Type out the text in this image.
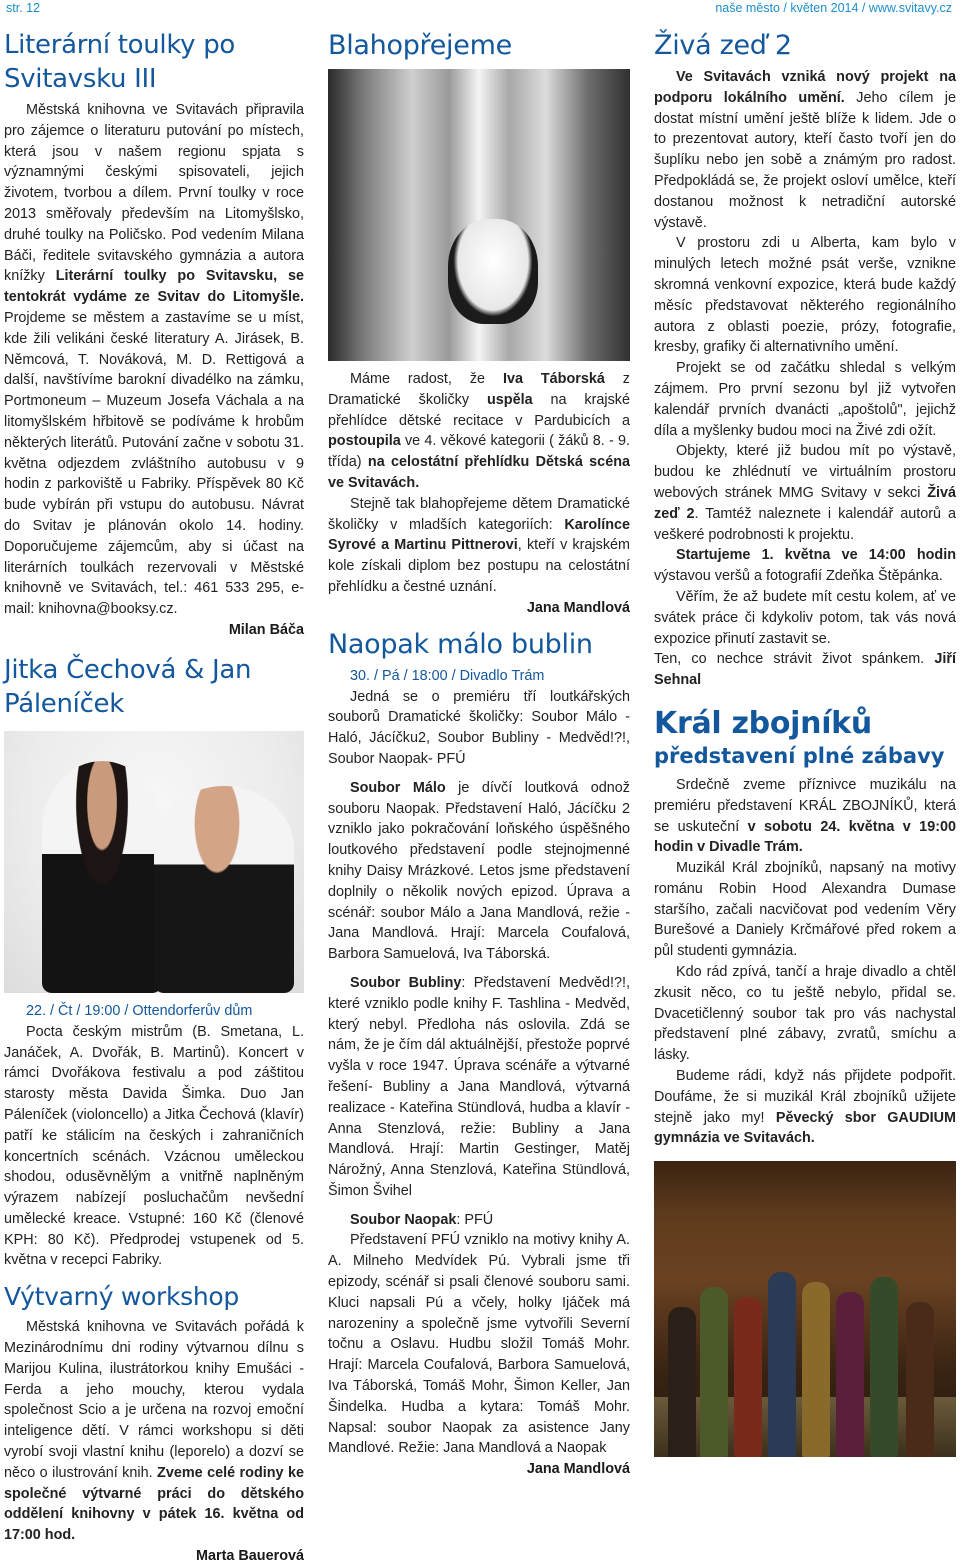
str. 12	naše město / květen 2014 / www.svitavy.cz
Literární toulky po Svitavsku III

Městská knihovna ve Svitavách připravila pro zájemce o literaturu putování po místech, která jsou v našem regionu spjata s významnými českými spisovateli, jejich životem, tvorbou a dílem. První toulky v roce 2013 směřovaly především na Litomyšlsko, druhé toulky na Poličsko. Pod vedením Milana Báči, ředitele svitavského gymnázia a autora knížky Literární toulky po Svitavsku, se tentokrát vydáme ze Svitav do Litomyšle. Projdeme se městem a zastavíme se u míst, kde žili velikáni české literatury A. Jirásek, B. Němcová, T. Nováková, M. D. Rettigová a další, navštívíme barokní divadélko na zámku, Portmoneum – Muzeum Josefa Váchala a na litomyšlském hřbitově se podíváme k hrobům některých literátů. Putování začne v sobotu 31. května odjezdem zvláštního autobusu v 9 hodin z parkoviště u Fabriky. Příspěvek 80 Kč bude vybírán při vstupu do autobusu. Návrat do Svitav je plánován okolo 14. hodiny. Doporučujeme zájemcům, aby si účast na literárních toulkách rezervovali v Městské knihovně ve Svitavách, tel.: 461 533 295, e-mail: knihovna@booksy.cz.

Milan Báča
Jitka Čechová & Jan Páleníček

22. / Čt / 19:00 / Ottendorferův dům

Pocta českým mistrům (B. Smetana, L. Janáček, A. Dvořák, B. Martinů). Koncert v rámci Dvořákova festivalu a pod záštitou starosty města Davida Šimka. Duo Jan Páleníček (violoncello) a Jitka Čechová (klavír) patří ke stálicím na českých i zahraničních koncertních scénách. Vzácnou uměleckou shodou, odusěvnělým a vnitřně naplněným výrazem nabízejí posluchačům nevšední umělecké kreace. Vstupné: 160 Kč (členové KPH: 80 Kč). Předprodej vstupenek od 5. května v recepci Fabriky.

Výtvarný workshop

Městská knihovna ve Svitavách pořádá k Mezinárodnímu dni rodiny výtvarnou dílnu s Marijou Kulina, ilustrátorkou knihy Emušáci - Ferda a jeho mouchy, kterou vydala společnost Scio a je určena na rozvoj emoční inteligence dětí. V rámci workshopu si děti vyrobí svoji vlastní knihu (leporelo) a dozví se něco o ilustrování knih. Zveme celé rodiny ke společné výtvarné práci do dětského oddělení knihovny v pátek 16. května od 17:00 hod.

Marta Bauerová
Blahopřejeme

Máme radost, že Iva Táborská z Dramatické školičky uspěla na krajské přehlídce dětské recitace v Pardubicích a postoupila ve 4. věkové kategorii ( žáků 8. - 9. třída) na celostátní přehlídku Dětská scéna ve Svitavách.

Stejně tak blahopřejeme dětem Dramatické školičky v mladších kategoriích: Karolínce Syrové a Martinu Pittnerovi, kteří v krajském kole získali diplom bez postupu na celostátní přehlídku a čestné uznání.

Jana Mandlová
Naopak málo bublin

30. / Pá / 18:00 / Divadlo Trám

Jedná se o premiéru tří loutkářských souborů Dramatické školičky: Soubor Málo - Haló, Jácíčku2, Soubor Bubliny - Medvěd!?!, Soubor Naopak- PFÚ

Soubor Málo je dívčí loutková odnož souboru Naopak. Představení Haló, Jácíčku 2 vzniklo jako pokračování loňského úspěšného loutkového představení podle stejnojmenné knihy Daisy Mrázkové. Letos jsme představení doplnily o několik nových epizod. Úprava a scénář: soubor Málo a Jana Mandlová, režie - Jana Mandlová. Hrají: Marcela Coufalová, Barbora Samuelová, Iva Táborská.

Soubor Bubliny: Představení Medvěd!?!, které vzniklo podle knihy F. Tashlina - Medvěd, který nebyl. Předloha nás oslovila. Zdá se nám, že je čím dál aktuálnější, přestože poprvé vyšla v roce 1947. Úprava scénáře a výtvarné řešení- Bubliny a Jana Mandlová, výtvarná realizace - Kateřina Stündlová, hudba a klavír - Anna Stenzlová, režie: Bubliny a Jana Mandlová. Hrají: Martin Gestinger, Matěj Nárožný, Anna Stenzlová, Kateřina Stündlová, Šimon Švihel

Soubor Naopak: PFÚ

Představení PFÚ vzniklo na motivy knihy A. A. Milneho Medvídek Pú. Vybrali jsme tři epizody, scénář si psali členové souboru sami. Kluci napsali Pú a včely, holky Ijáček má narozeniny a společně jsme vytvořili Severní točnu a Oslavu. Hudbu složil Tomáš Mohr. Hrají: Marcela Coufalová, Barbora Samuelová, Iva Táborská, Tomáš Mohr, Šimon Keller, Jan Šindelka. Hudba a kytara: Tomáš Mohr. Napsal: soubor Naopak za asistence Jany Mandlové. Režie: Jana Mandlová a Naopak

Jana Mandlová
Živá zeď 2

Ve Svitavách vzniká nový projekt na podporu lokálního umění. Jeho cílem je dostat místní umění ještě blíže k lidem. Jde o to prezentovat autory, kteří často tvoří jen do šuplíku nebo jen sobě a známým pro radost. Předpokládá se, že projekt osloví umělce, kteří dostanou možnost k netradiční autorské výstavě.

V prostoru zdi u Alberta, kam bylo v minulých letech možné psát verše, vznikne skromná venkovní expozice, která bude každý měsíc představovat některého regionálního autora z oblasti poezie, prózy, fotografie, kresby, grafiky či alternativního umění.

Projekt se od začátku shledal s velkým zájmem. Pro první sezonu byl již vytvořen kalendář prvních dvanácti „apoštolů", jejichž díla a myšlenky budou moci na Živé zdi ožít.

Objekty, které již budou mít po výstavě, budou ke zhlédnutí ve virtuálním prostoru webových stránek MMG Svitavy v sekci Živá zeď 2. Tamtéž naleznete i kalendář autorů a veškeré podrobnosti k projektu.

Startujeme 1. května ve 14:00 hodin výstavou veršů a fotografií Zdeňka Štěpánka.

Věřím, že až budete mít cestu kolem, ať ve svátek práce či kdykoliv potom, tak vás nová expozice přinutí zastavit se.

Ten, co nechce strávit život spánkem. Jiří Sehnal

Král zbojníků
představení plné zábavy

Srdečně zveme příznivce muzikálu na premiéru představení KRÁL ZBOJNÍKŮ, která se uskuteční v sobotu 24. května v 19:00 hodin v Divadle Trám.

Muzikál Král zbojníků, napsaný na motivy románu Robin Hood Alexandra Dumase staršího, začali nacvičovat pod vedením Věry Burešové a Daniely Krčmářové před rokem a půl studenti gymnázia.

Kdo rád zpívá, tančí a hraje divadlo a chtěl zkusit něco, co tu ještě nebylo, přidal se. Dvacetičlenný soubor tak pro vás nachystal představení plné zábavy, zvratů, smíchu a lásky.

Budeme rádi, když nás přijdete podpořit. Doufáme, že si muzikál Král zbojníků užijete stejně jako my! Pěvecký sbor GAUDIUM gymnázia ve Svitavách.
